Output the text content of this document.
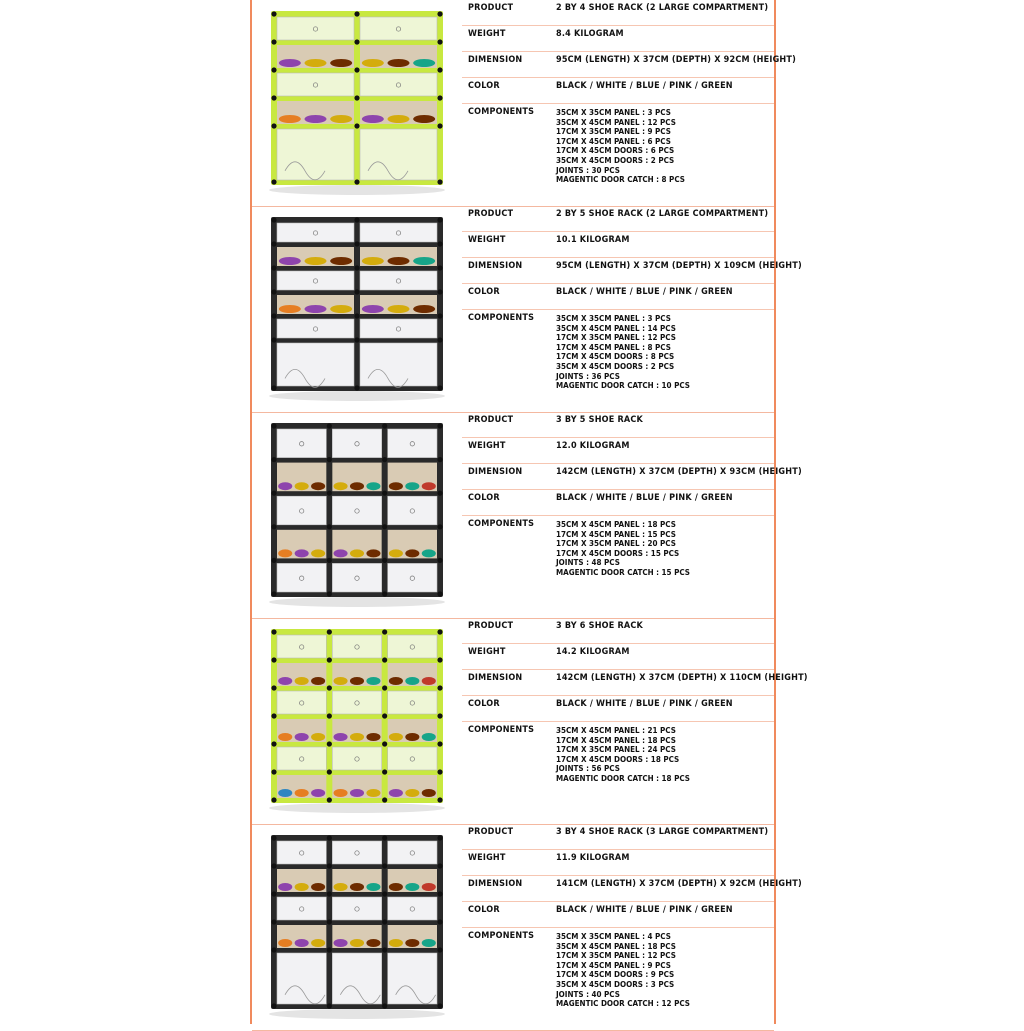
PRODUCT	2 BY 4 SHOE RACK (2 LARGE COMPARTMENT)
WEIGHT	8.4 KILOGRAM
DIMENSION	95CM (LENGTH) X 37CM (DEPTH) X 92CM (HEIGHT)
COLOR	BLACK / WHITE / BLUE / PINK / GREEN
COMPONENTS	35CM X 35CM PANEL : 3 PCS
35CM X 45CM PANEL : 12 PCS
17CM X 35CM PANEL : 9 PCS
17CM X 45CM PANEL : 6 PCS
17CM X 45CM DOORS : 6 PCS
35CM X 45CM DOORS : 2 PCS
JOINTS : 30 PCS
MAGENTIC DOOR CATCH : 8 PCS
PRODUCT	2 BY 5 SHOE RACK (2 LARGE COMPARTMENT)
WEIGHT	10.1 KILOGRAM
DIMENSION	95CM (LENGTH) X 37CM (DEPTH) X 109CM (HEIGHT)
COLOR	BLACK / WHITE / BLUE / PINK / GREEN
COMPONENTS	35CM X 35CM PANEL : 3 PCS
35CM X 45CM PANEL : 14 PCS
17CM X 35CM PANEL : 12 PCS
17CM X 45CM PANEL : 8 PCS
17CM X 45CM DOORS : 8 PCS
35CM X 45CM DOORS : 2 PCS
JOINTS : 36 PCS
MAGENTIC DOOR CATCH : 10 PCS
PRODUCT	3 BY 5 SHOE RACK
WEIGHT	12.0 KILOGRAM
DIMENSION	142CM (LENGTH) X 37CM (DEPTH) X 93CM (HEIGHT)
COLOR	BLACK / WHITE / BLUE / PINK / GREEN
COMPONENTS	35CM X 45CM PANEL : 18 PCS
17CM X 45CM PANEL : 15 PCS
17CM X 35CM PANEL : 20 PCS
17CM X 45CM DOORS : 15 PCS
JOINTS : 48 PCS
MAGENTIC DOOR CATCH : 15 PCS
PRODUCT	3 BY 6 SHOE RACK
WEIGHT	14.2 KILOGRAM
DIMENSION	142CM (LENGTH) X 37CM (DEPTH) X 110CM (HEIGHT)
COLOR	BLACK / WHITE / BLUE / PINK / GREEN
COMPONENTS	35CM X 45CM PANEL : 21 PCS
17CM X 45CM PANEL : 18 PCS
17CM X 35CM PANEL : 24 PCS
17CM X 45CM DOORS : 18 PCS
JOINTS : 56 PCS
MAGENTIC DOOR CATCH : 18 PCS
PRODUCT	3 BY 4 SHOE RACK (3 LARGE COMPARTMENT)
WEIGHT	11.9 KILOGRAM
DIMENSION	141CM (LENGTH) X 37CM (DEPTH) X 92CM (HEIGHT)
COLOR	BLACK / WHITE / BLUE / PINK / GREEN
COMPONENTS	35CM X 35CM PANEL : 4 PCS
35CM X 45CM PANEL : 18 PCS
17CM X 35CM PANEL : 12 PCS
17CM X 45CM PANEL : 9 PCS
17CM X 45CM DOORS : 9 PCS
35CM X 45CM DOORS : 3 PCS
JOINTS : 40 PCS
MAGENTIC DOOR CATCH : 12 PCS
